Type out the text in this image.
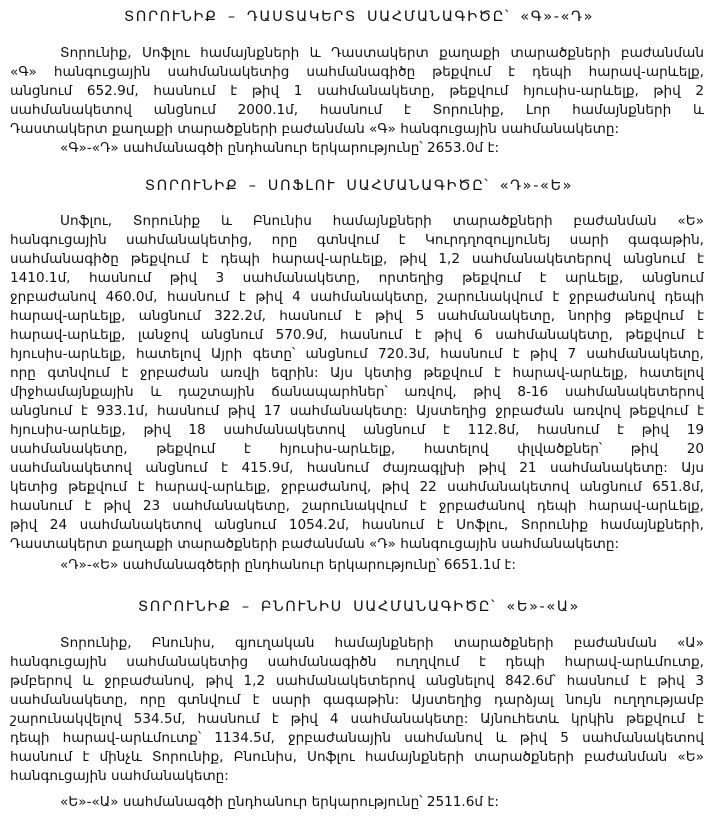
ՏՈՐՈՒՆԻՔ – ԴԱՍՏԱԿԵՐՏ ՍԱՀՄԱՆԱԳԻԾԸ՝ «Գ»-«Դ»
Տորունիք, Սոֆլու համայնքների և Դաստակերտ քաղաքի տարածքների բաժանման
«Գ» հանգուցային սահմանակետից սահմանագիծը թեքվում է դեպի հարավ-արևելք,
անցնում 652.9մ, հասնում է թիվ 1 սահմանակետը, թեքվում հյուսիս-արևելք, թիվ 2
սահմանակետով անցնում 2000.1մ, հասնում է Տորունիք, Լոր համայնքների և
Դաստակերտ քաղաքի տարածքների բաժանման «Գ» հանգուցային սահմանակետը:
«Գ»-«Դ» սահմանագծի ընդհանուր երկարությունը՝ 2653.0մ է:
ՏՈՐՈՒՆԻՔ – ՍՈՖԼՈՒ ՍԱՀՄԱՆԱԳԻԾԸ՝ «Դ»-«Ե»
Սոֆլու, Տորունիք և Բնունիս համայնքների տարածքների բաժանման «Ե»
հանգուցային սահմանակետից, որը գտնվում է Կուրդղոզուլյունեյ սարի գագաթին,
սահմանագիծը թեքվում է դեպի հարավ-արևելք, թիվ 1,2 սահմանակետերով անցնում է
1410.1մ, հասնում թիվ 3 սահմանակետը, որտեղից թեքվում է արևելք, անցնում
ջրբաժանով 460.0մ, հասնում է թիվ 4 սահմանակետը, շարունակվում է ջրբաժանով դեպի
հարավ-արևելք, անցնում 322.2մ, հասնում է թիվ 5 սահմանակետը, նորից թեքվում է
հարավ-արևելք, լանջով անցնում 570.9մ, հասնում է թիվ 6 սահմանակետը, թեքվում է
հյուսիս-արևելք, հատելով Այրի գետը՝ անցնում 720.3մ, հասնում է թիվ 7 սահմանակետը,
որը գտնվում է ջրբաժան առվի եզրին: Այս կետից թեքվում է հարավ-արևելք, հատելով
միջհամայնքային և դաշտային ճանապարհներ՝ առվով, թիվ 8-16 սահմանակետերով
անցնում է 933.1մ, հասնում թիվ 17 սահմանակետը: Այստեղից ջրբաժան առվով թեքվում է
հյուսիս-արևելք, թիվ 18 սահմանակետով անցնում է 112.8մ, հասնում է թիվ 19
սահմանակետը, թեքվում է հյուսիս-արևելք, հատելով փլվածքներ՝ թիվ 20
սահմանակետով անցնում է 415.9մ, հասնում ժայռագլխի թիվ 21 սահմանակետը: Այս
կետից թեքվում է հարավ-արևելք, ջրբաժանով, թիվ 22 սահմանակետով անցնում 651.8մ,
հասնում է թիվ 23 սահմանակետը, շարունակվում է ջրբաժանով դեպի հարավ-արևելք,
թիվ 24 սահմանակետով անցնում 1054.2մ, հասնում է Սոֆլու, Տորունիք համայնքների,
Դաստակերտ քաղաքի տարածքների բաժանման «Դ» հանգուցային սահմանակետը:
«Դ»-«Ե» սահմանագծերի ընդհանուր երկարությունը՝ 6651.1մ է:
ՏՈՐՈՒՆԻՔ – ԲՆՈՒՆԻՍ ՍԱՀՄԱՆԱԳԻԾԸ՝ «Ե»-«Ա»
Տորունիք, Բնունիս, գյուղական համայնքների տարածքների բաժանման «Ա»
հանգուցային սահմանակետից սահմանագիծն ուղղվում է դեպի հարավ-արևմուտք,
թմբերով և ջրբաժանով, թիվ 1,2 սահմանակետերով անցնելով 842.6մ՝ հասնում է թիվ 3
սահմանակետը, որը գտնվում է սարի գագաթին: Այստեղից դարձյալ նույն ուղղությամբ
շարունակվելով 534.5մ, հասնում է թիվ 4 սահմանակետը: Այնուհետև կրկին թեքվում է
դեպի հարավ-արևմուտք՝ 1134.5մ, ջրբաժանային սահմանով և թիվ 5 սահմանակետով
հասնում է մինչև Տորունիք, Բնունիս, Սոֆլու համայնքների տարածքների բաժանման «Ե»
հանգուցային սահմանակետը:
«Ե»-«Ա» սահմանագծի ընդհանուր երկարությունը՝ 2511.6մ է:
